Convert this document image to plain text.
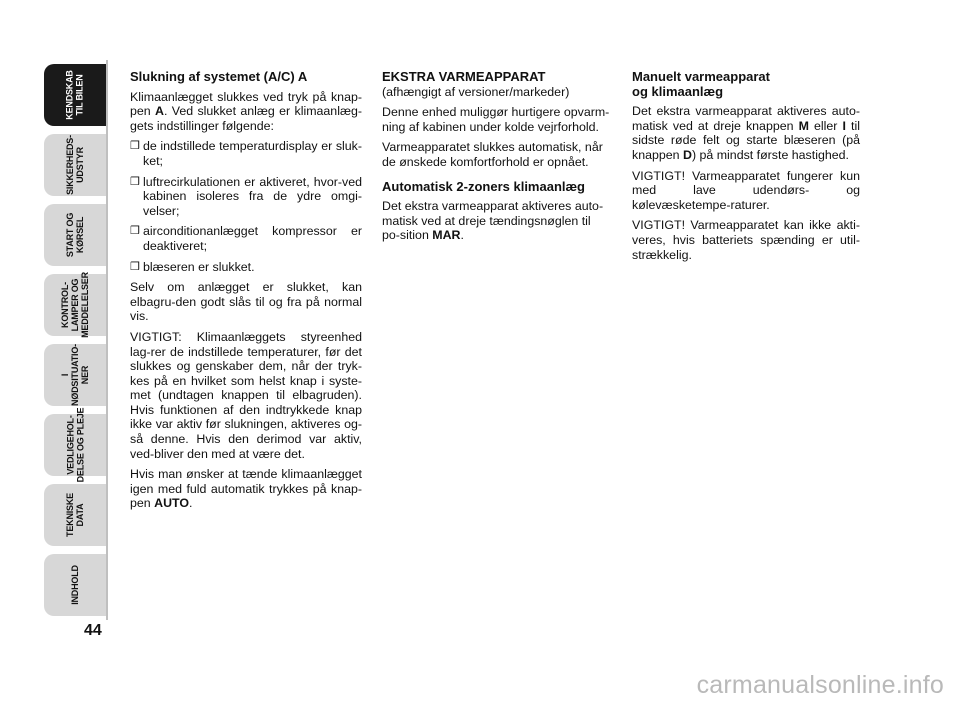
KENDSKAB
TIL BILEN
SIKKERHEDS-
UDSTYR
START OG
KØRSEL
KONTROL-
LAMPER OG
MEDDELELSER
I
NØDSITUATIO-
NER
VEDLIGEHOL-
DELSE OG PLEJE
TEKNISKE
DATA
INDHOLD
44
Slukning af systemet (A/C) A

Klimaanlægget slukkes ved tryk på knap-pen A. Ved slukket anlæg er klimaanlæg-gets indstillinger følgende:

❒ de indstillede temperaturdisplay er sluk-ket;
❒ luftrecirkulationen er aktiveret, hvor-ved kabinen isoleres fra de ydre omgi-velser;
❒ airconditionanlægget kompressor er deaktiveret;
❒ blæseren er slukket.

Selv om anlægget er slukket, kan elbagru-den godt slås til og fra på normal vis.

VIGTIGT: Klimaanlæggets styreenhed lag-rer de indstillede temperaturer, før det slukkes og genskaber dem, når der tryk-kes på en hvilket som helst knap i syste-met (undtagen knappen til elbagruden). Hvis funktionen af den indtrykkede knap ikke var aktiv før slukningen, aktiveres og-så denne. Hvis den derimod var aktiv, ved-bliver den med at være det.

Hvis man ønsker at tænde klimaanlægget igen med fuld automatik trykkes på knap-pen AUTO.

EKSTRA VARMEAPPARAT
(afhængigt af versioner/markeder)

Denne enhed muliggør hurtigere opvarm-ning af kabinen under kolde vejrforhold.

Varmeapparatet slukkes automatisk, når de ønskede komfortforhold er opnået.

Automatisk 2-zoners klimaanlæg

Det ekstra varmeapparat aktiveres auto-matisk ved at dreje tændingsnøglen til po-sition MAR.

Manuelt varmeapparat
og klimaanlæg

Det ekstra varmeapparat aktiveres auto-matisk ved at dreje knappen M eller I til sidste røde felt og starte blæseren (på knappen D) på mindst første hastighed.

VIGTIGT! Varmeapparatet fungerer kun med lave udendørs- og kølevæsketempe-raturer.

VIGTIGT! Varmeapparatet kan ikke akti-veres, hvis batteriets spænding er util-strækkelig.

carmanualsonline.info
